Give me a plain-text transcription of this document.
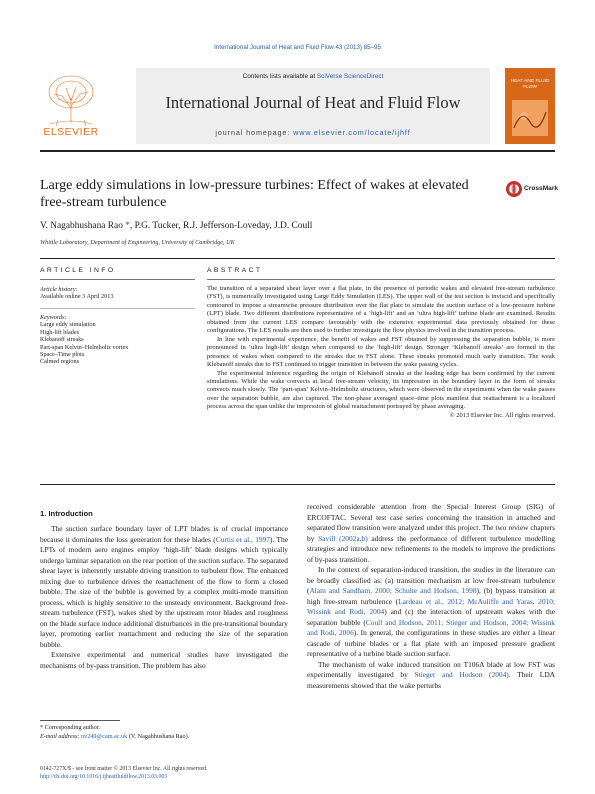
International Journal of Heat and Fluid Flow 43 (2013) 85–95
ELSEVIER
Contents lists available at SciVerse ScienceDirect
International Journal of Heat and Fluid Flow
journal homepage: www.elsevier.com/locate/ijhff
HEAT AND FLUID FLOW
Large eddy simulations in low-pressure turbines: Effect of wakes at elevated free-stream turbulence
CrossMark
V. Nagabhushana Rao *, P.G. Tucker, R.J. Jefferson-Loveday, J.D. Coull
Whittle Laboratory, Department of Engineering, University of Cambridge, UK
ARTICLE INFO
Article history:
Available online 3 April 2013
Keywords:
Large eddy simulation
High-lift blades
Klebanoff streaks
Part-span Kelvin–Helmholtz vortex
Space–Time plots
Calmed regions
ABSTRACT

The transition of a separated shear layer over a flat plate, in the presence of periodic wakes and elevated free-stream turbulence (FST), is numerically investigated using Large Eddy Simulation (LES). The upper wall of the test section is inviscid and specifically contoured to impose a streamwise pressure distribution over the flat plate to simulate the suction surface of a low-pressure turbine (LPT) blade. Two different distributions representative of a ‘high-lift’ and an ‘ultra high-lift’ turbine blade are examined. Results obtained from the current LES compare favourably with the extensive experimental data previously obtained for these configurations. The LES results are then used to further investigate the flow physics involved in the transition process.

In line with experimental experience, the benefit of wakes and FST obtained by suppressing the separation bubble, is more pronounced in ‘ultra high-lift’ design when compared to the ‘high-lift’ design. Stronger ‘Klebanoff streaks’ are formed in the presence of wakes when compared to the streaks due to FST alone. These streaks promoted much early transition. The weak Klebanoff streaks due to FST continued to trigger transition in between the wake passing cycles.

The experimental inference regarding the origin of Klebanoff streaks at the leading edge has been confirmed by the current simulations. While the wake convects at local free-stream velocity, its impression in the boundary layer in the form of streaks convects much slowly. The ‘part-span’ Kelvin–Helmholtz structures, which were observed in the experiments when the wake passes over the separation bubble, are also captured. The non-phase averaged space–time plots manifest that reattachment is a localized process across the span unlike the impression of global reattachment portrayed by phase averaging.

© 2013 Elsevier Inc. All rights reserved.
1. Introduction

The suction surface boundary layer of LPT blades is of crucial importance because it dominates the loss generation for these blades (Curtis et al., 1997). The LPTs of modern aero engines employ ‘high-lift’ blade designs which typically undergo laminar separation on the rear portion of the suction surface. The separated shear layer is inherently unstable driving transition to turbulent flow. The enhanced mixing due to turbulence drives the reattachment of the flow to form a closed bubble. The size of the bubble is governed by a complex multi-mode transition process, which is highly sensitive to the unsteady environment. Background free-stream turbulence (FST), wakes shed by the upstream rotor blades and roughness on the blade surface induce additional disturbances in the pre-transitional boundary layer, promoting earlier reattachment and reducing the size of the separation bubble.

Extensive experimental and numerical studies have investigated the mechanisms of by-pass transition. The problem has also

received considerable attention from the Special Interest Group (SIG) of ERCOFTAC. Several test case series concerning the transition in attached and separated flow transition were analyzed under this project. The two review chapters by Savill (2002a,b) address the performance of different turbulence modelling strategies and introduce new refinements to the models to improve the predictions of by-pass transition.

In the context of separation-induced transition, the studies in the literature can be broadly classified as: (a) transition mechanism at low free-stream turbulence (Alam and Sandham, 2000; Schulte and Hodson, 1998), (b) bypass transition at high free-stream turbulence (Lardeau et al., 2012; McAuliffe and Yaras, 2010; Wissink and Rodi, 2004) and (c) the interaction of upstream wakes with the separation bubble (Coull and Hodson, 2011; Stieger and Hodson, 2004; Wissink and Rodi, 2006). In general, the configurations in these studies are either a linear cascade of turbine blades or a flat plate with an imposed pressure gradient representative of a turbine blade suction surface.

The mechanism of wake induced transition on T106A blade at low FST was experimentally investigated by Stieger and Hodson (2004). Their LDA measurements showed that the wake perturbs

* Corresponding author.
E-mail address: nv249@cam.ac.uk (V. Nagabhushana Rao).
0142-727X/$ - see front matter © 2013 Elsevier Inc. All rights reserved.
http://dx.doi.org/10.1016/j.ijheatfluidflow.2013.03.003
